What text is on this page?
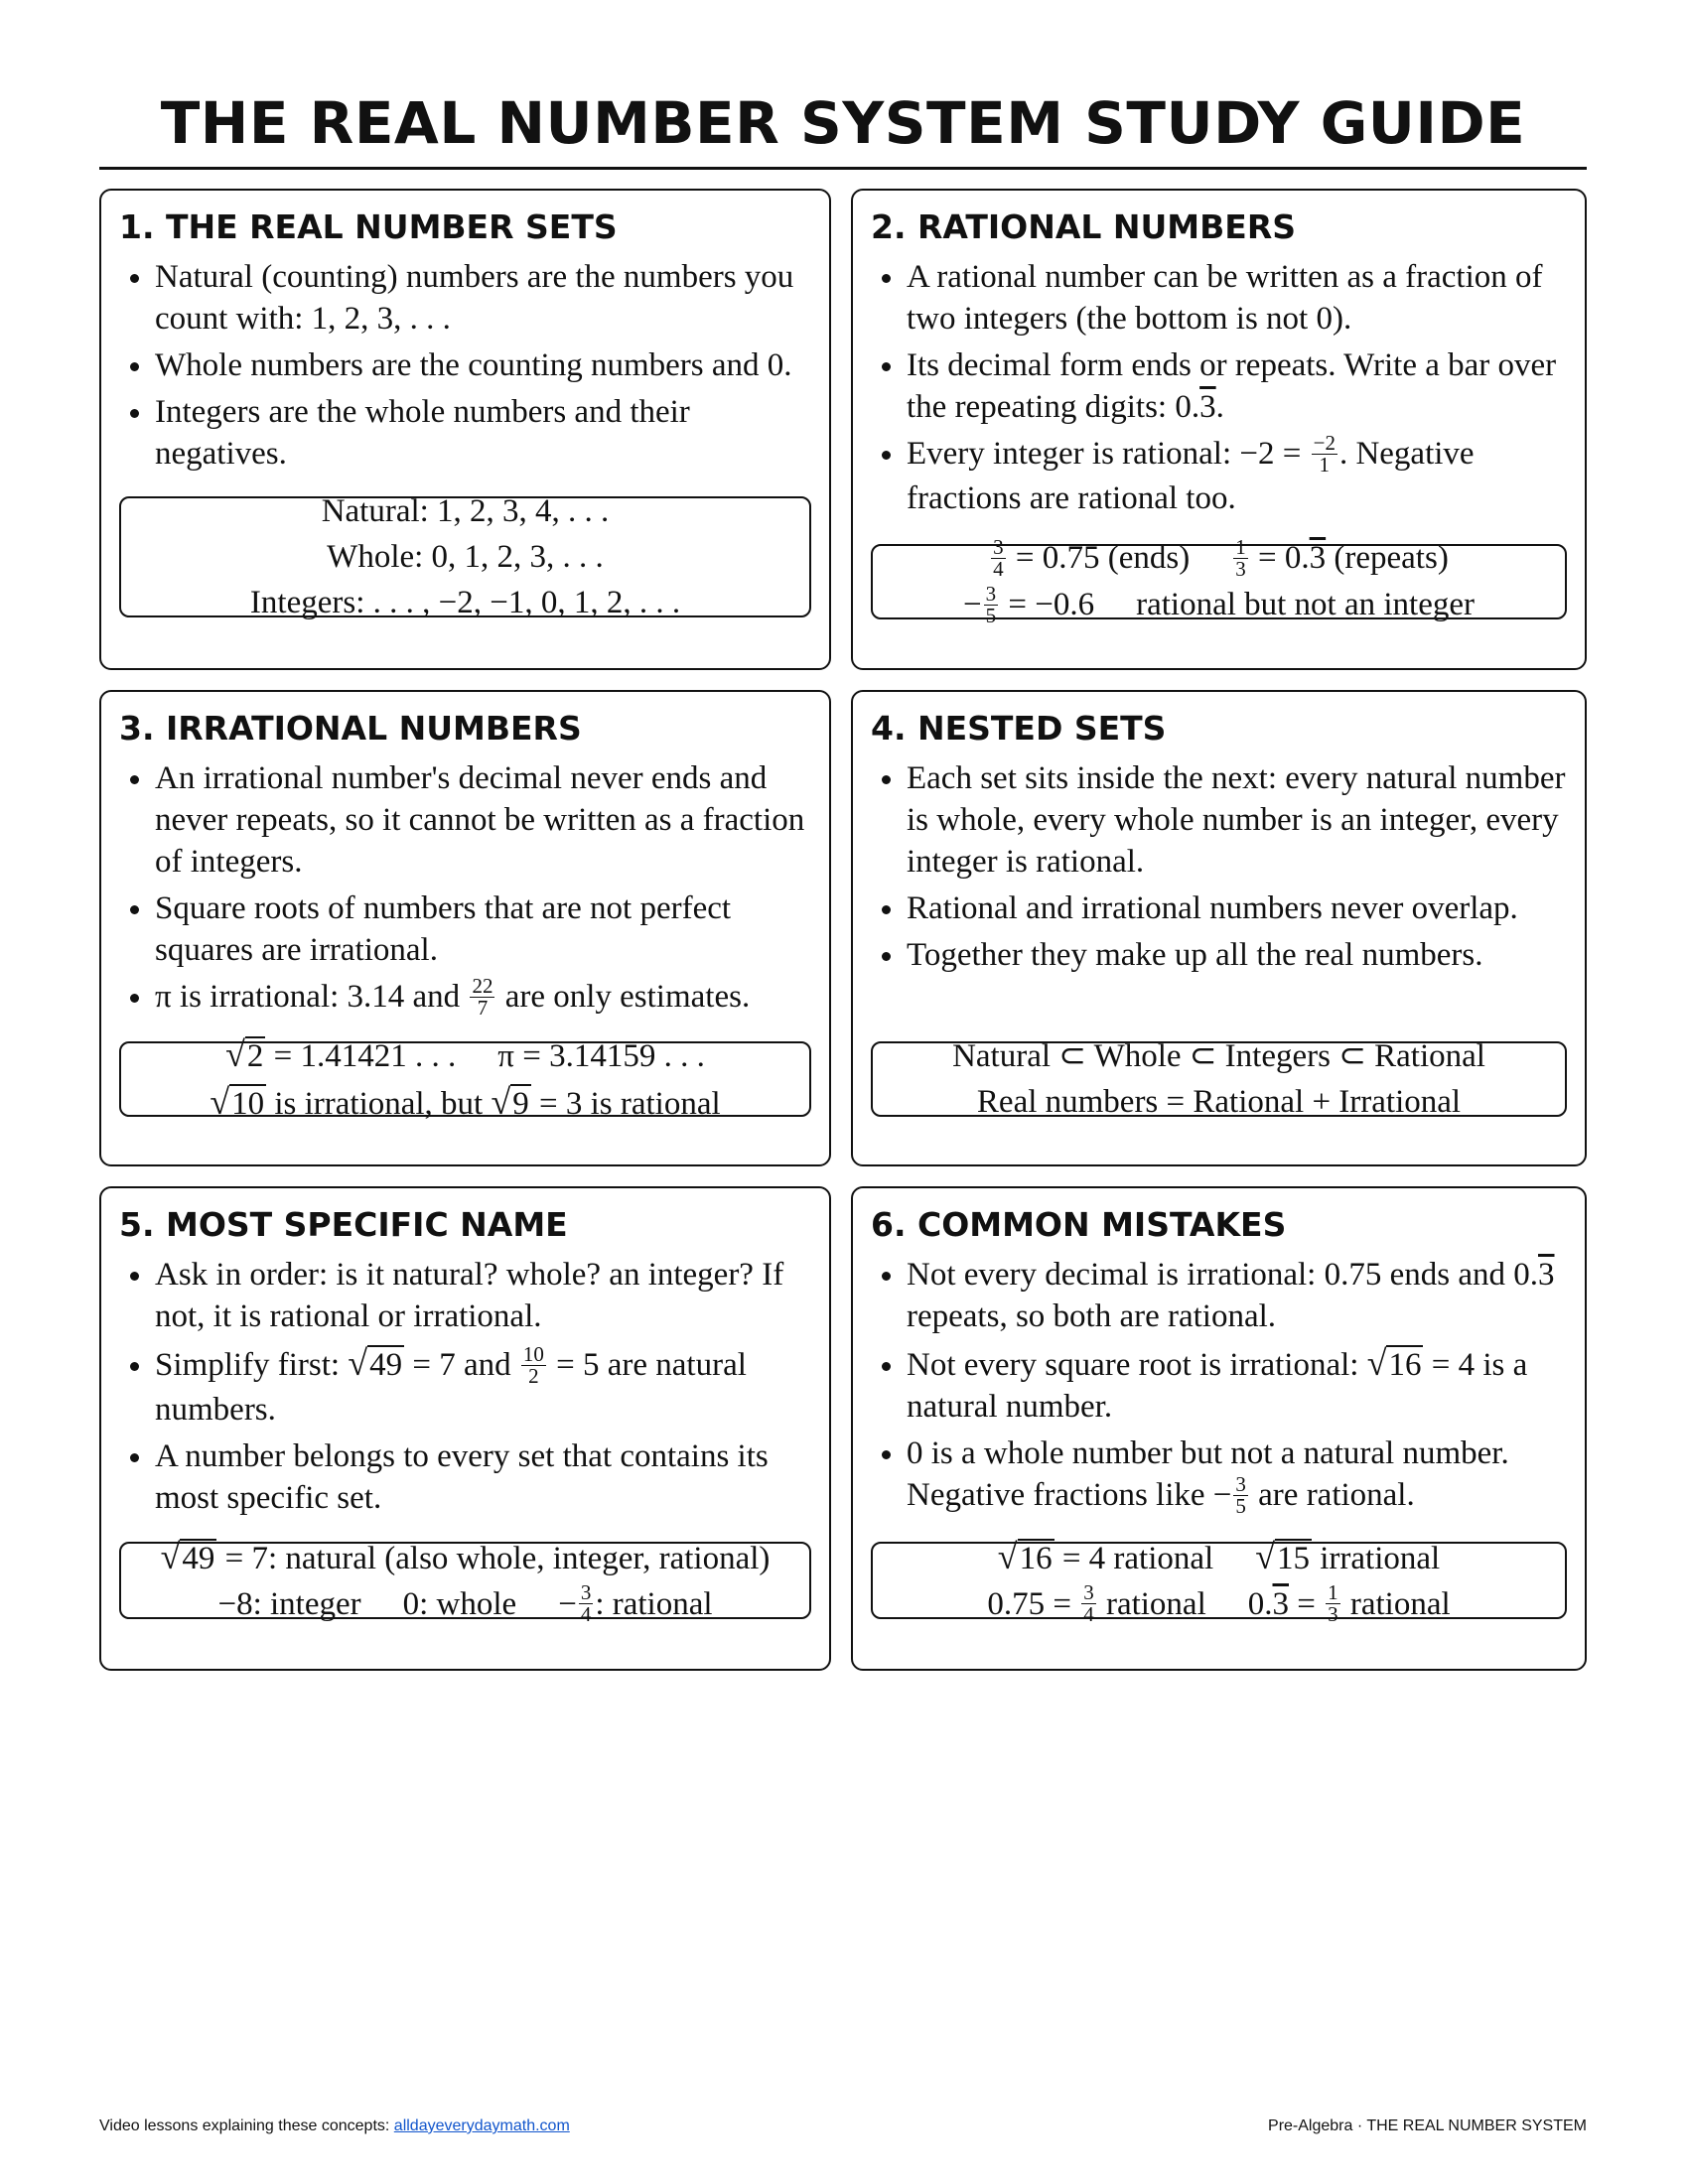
THE REAL NUMBER SYSTEM STUDY GUIDE
1. THE REAL NUMBER SETS
• Natural (counting) numbers are the numbers you count with: 1, 2, 3, . . .
• Whole numbers are the counting numbers and 0.
• Integers are the whole numbers and their negatives.
Natural: 1, 2, 3, 4, . . .
Whole: 0, 1, 2, 3, . . .
Integers: . . . , −2, −1, 0, 1, 2, . . .
2. RATIONAL NUMBERS
• A rational number can be written as a fraction of two integers (the bottom is not 0).
• Its decimal form ends or repeats. Write a bar over the repeating digits: 0.3.
• Every integer is rational: $-2 = \frac{-2}{1}$ . Negative fractions are rational too.
$\frac{3}{4} = 0.75$ (ends) $\frac{1}{3} = 0.3$ (repeats)
− $\frac{3}{5} = -0.6$ rational but not an integer
3. IRRATIONAL NUMBERS
• An irrational number's decimal never ends and never repeats, so it cannot be written as a fraction of integers.
• Square roots of numbers that are not perfect squares are irrational.
• π is irrational: 3.14 and $\frac{22}{7}$ are only estimates.
√2 = 1.41421 . . . π = 3.14159 . . .
√10 is irrational, but √9 = 3 is rational
4. NESTED SETS
• Each set sits inside the next: every natural number is whole, every whole number is an integer, every integer is rational.
• Rational and irrational numbers never overlap.
• Together they make up all the real numbers.
Natural ⊂ Whole ⊂ Integers ⊂ Rational
Real numbers = Rational + Irrational
5. MOST SPECIFIC NAME
• Ask in order: is it natural? whole? an integer? If not, it is rational or irrational.
• Simplify first: √49 = 7 and $\frac{10}{2} = 5$ are natural numbers.
• A number belongs to every set that contains its most specific set.
√49 = 7: natural (also whole, integer, rational)
−8: integer 0: whole − $\frac{3}{4}$ : rational
6. COMMON MISTAKES
• Not every decimal is irrational: 0.75 ends and 0.3 repeats, so both are rational.
• Not every square root is irrational: √16 = 4 is a natural number.
• 0 is a whole number but not a natural number. Negative fractions like − $\frac{3}{5}$ are rational.
√16 = 4 rational √15 irrational
$0.75 = \frac{3}{4}$ rational $0.3 = \frac{1}{3}$ rational
Video lessons explaining these concepts: alldayeverydaymath.com	Pre-Algebra · THE REAL NUMBER SYSTEM
